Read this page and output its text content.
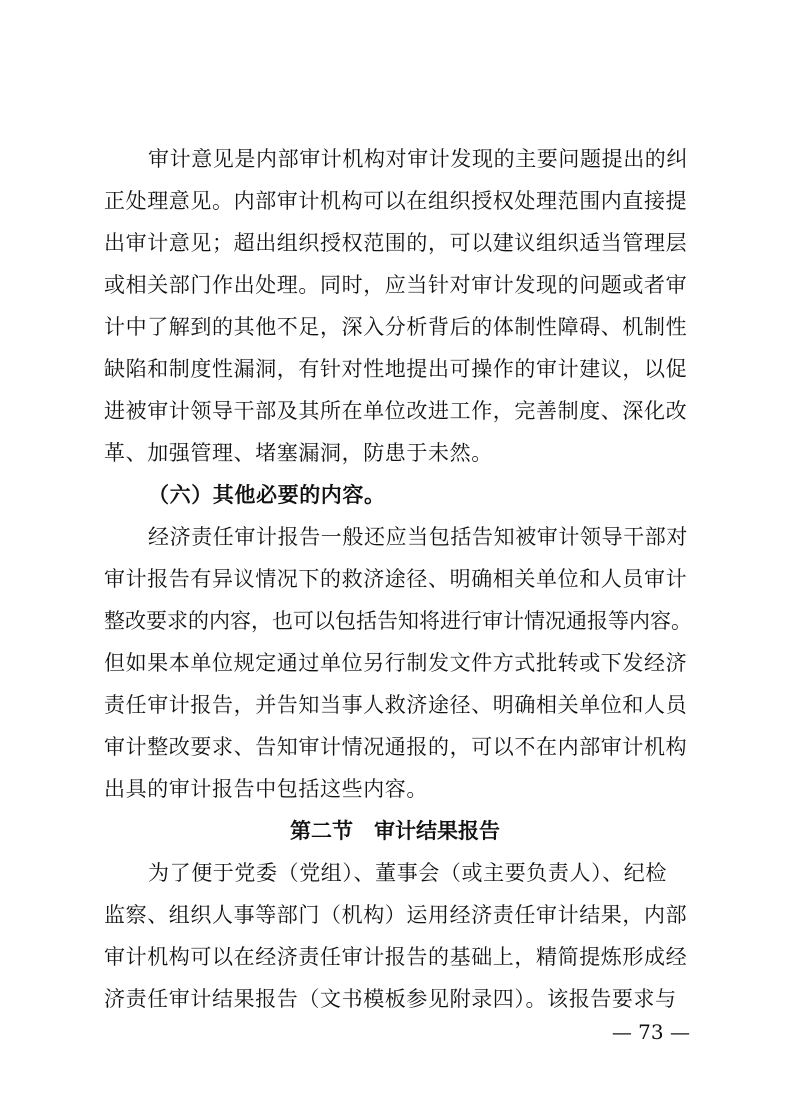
审计意见是内部审计机构对审计发现的主要问题提出的纠
正处理意见。内部审计机构可以在组织授权处理范围内直接提
出审计意见；超出组织授权范围的，可以建议组织适当管理层
或相关部门作出处理。同时，应当针对审计发现的问题或者审
计中了解到的其他不足，深入分析背后的体制性障碍、机制性
缺陷和制度性漏洞，有针对性地提出可操作的审计建议，以促
进被审计领导干部及其所在单位改进工作，完善制度、深化改
革、加强管理、堵塞漏洞，防患于未然。
（六）其他必要的内容。
经济责任审计报告一般还应当包括告知被审计领导干部对
审计报告有异议情况下的救济途径、明确相关单位和人员审计
整改要求的内容，也可以包括告知将进行审计情况通报等内容。
但如果本单位规定通过单位另行制发文件方式批转或下发经济
责任审计报告，并告知当事人救济途径、明确相关单位和人员
审计整改要求、告知审计情况通报的，可以不在内部审计机构
出具的审计报告中包括这些内容。
第二节　审计结果报告
为了便于党委（党组）、董事会（或主要负责人）、纪检
监察、组织人事等部门（机构）运用经济责任审计结果，内部
审计机构可以在经济责任审计报告的基础上，精简提炼形成经
济责任审计结果报告（文书模板参见附录四）。该报告要求与
— 73 —
